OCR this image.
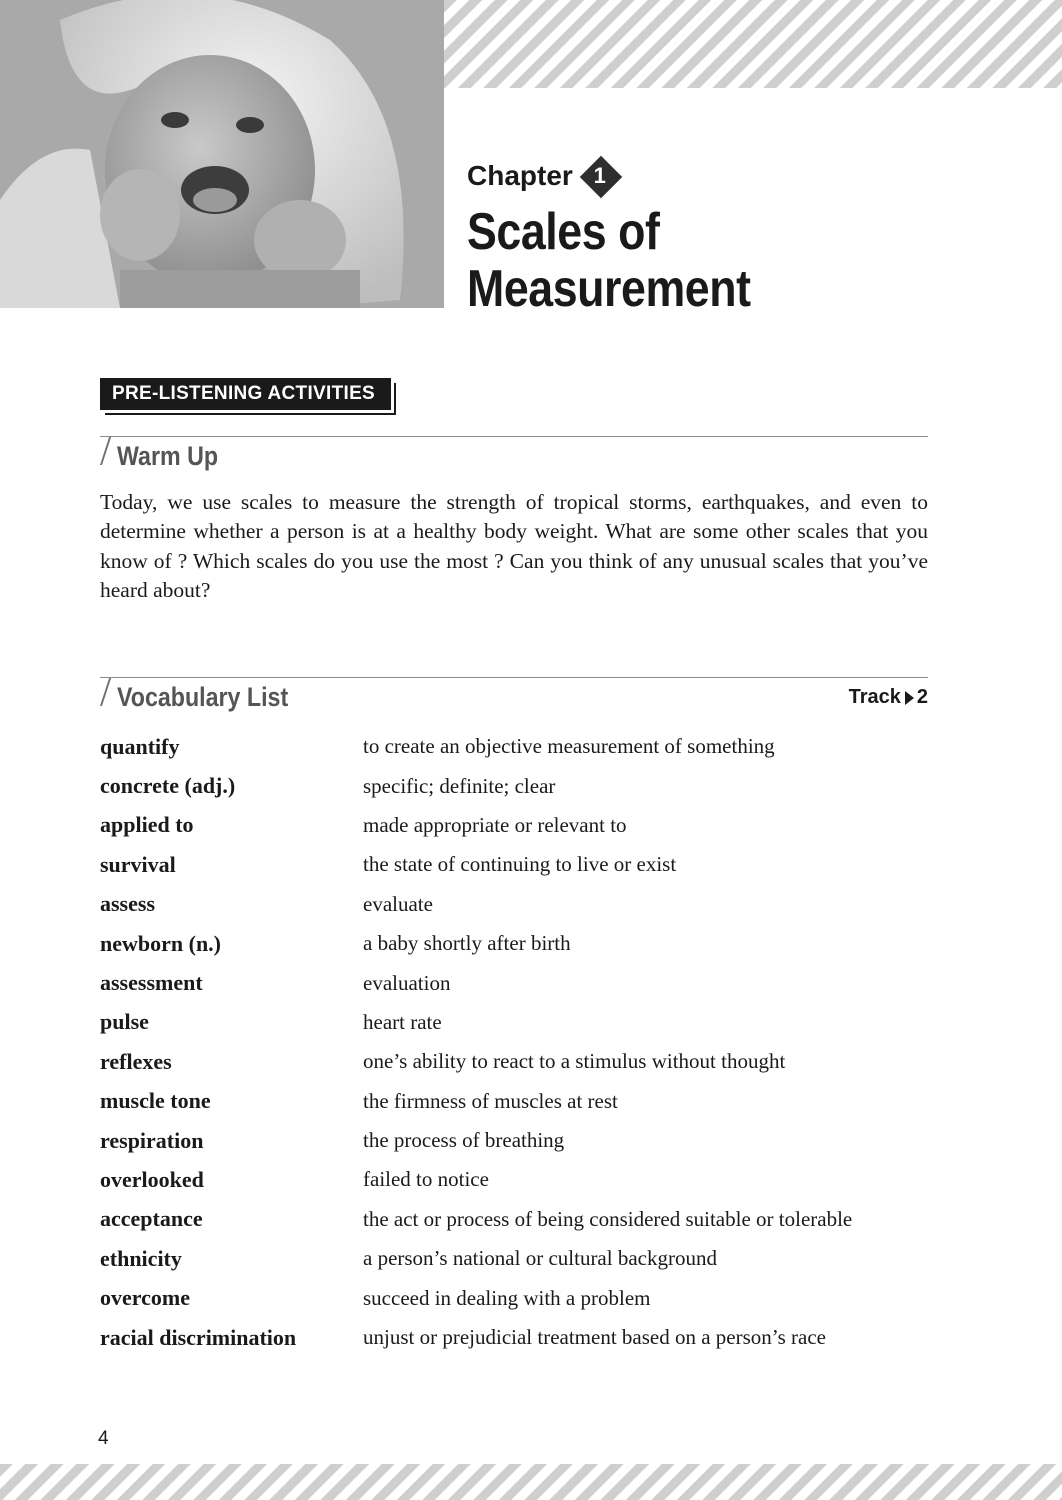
Chapter 1
Scales of
Measurement
PRE-LISTENING ACTIVITIES
Warm Up

Today, we use scales to measure the strength of tropical storms, earthquakes, and even to determine whether a person is at a healthy body weight. What are some other scales that you know of ? Which scales do you use the most ? Can you think of any unusual scales that you’ve heard about?

Vocabulary List	Track 2
quantify	to create an objective measurement of something
concrete (adj.)	specific; definite; clear
applied to	made appropriate or relevant to
survival	the state of continuing to live or exist
assess	evaluate
newborn (n.)	a baby shortly after birth
assessment	evaluation
pulse	heart rate
reflexes	one’s ability to react to a stimulus without thought
muscle tone	the firmness of muscles at rest
respiration	the process of breathing
overlooked	failed to notice
acceptance	the act or process of being considered suitable or tolerable
ethnicity	a person’s national or cultural background
overcome	succeed in dealing with a problem
racial discrimination	unjust or prejudicial treatment based on a person’s race
4
